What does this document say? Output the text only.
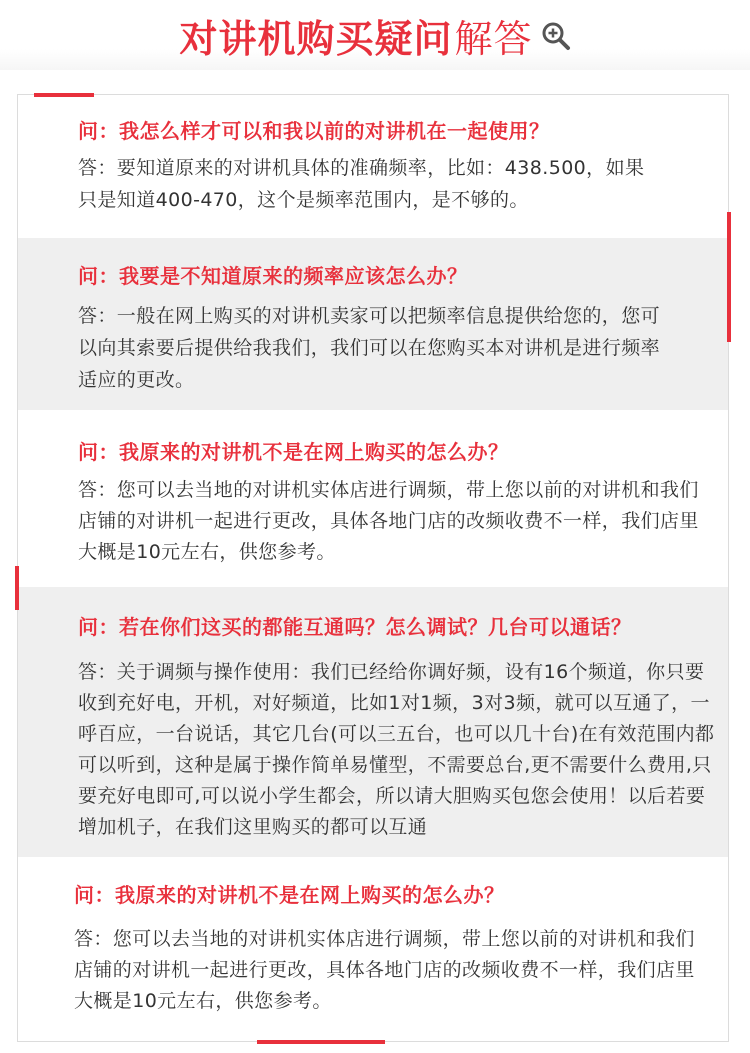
对讲机购买疑问 解答
问：我怎么样才可以和我以前的对讲机在一起使用？
答：要知道原来的对讲机具体的准确频率，比如：438.500，如果
只是知道400-470，这个是频率范围内，是不够的。
问：我要是不知道原来的频率应该怎么办？
答：一般在网上购买的对讲机卖家可以把频率信息提供给您的，您可
以向其索要后提供给我我们，我们可以在您购买本对讲机是进行频率
适应的更改。
问：我原来的对讲机不是在网上购买的怎么办？
答：您可以去当地的对讲机实体店进行调频，带上您以前的对讲机和我们
店铺的对讲机一起进行更改，具体各地门店的改频收费不一样，我们店里
大概是10元左右，供您参考。
问：若在你们这买的都能互通吗？怎么调试？几台可以通话？
答：关于调频与操作使用：我们已经给你调好频，设有16个频道，你只要
收到充好电，开机，对好频道，比如1对1频，3对3频，就可以互通了，一
呼百应，一台说话，其它几台(可以三五台，也可以几十台)在有效范围内都
可以听到，这种是属于操作简单易懂型，不需要总台,更不需要什么费用,只
要充好电即可,可以说小学生都会，所以请大胆购买包您会使用！以后若要
增加机子，在我们这里购买的都可以互通
问：我原来的对讲机不是在网上购买的怎么办？
答：您可以去当地的对讲机实体店进行调频，带上您以前的对讲机和我们
店铺的对讲机一起进行更改，具体各地门店的改频收费不一样，我们店里
大概是10元左右，供您参考。
